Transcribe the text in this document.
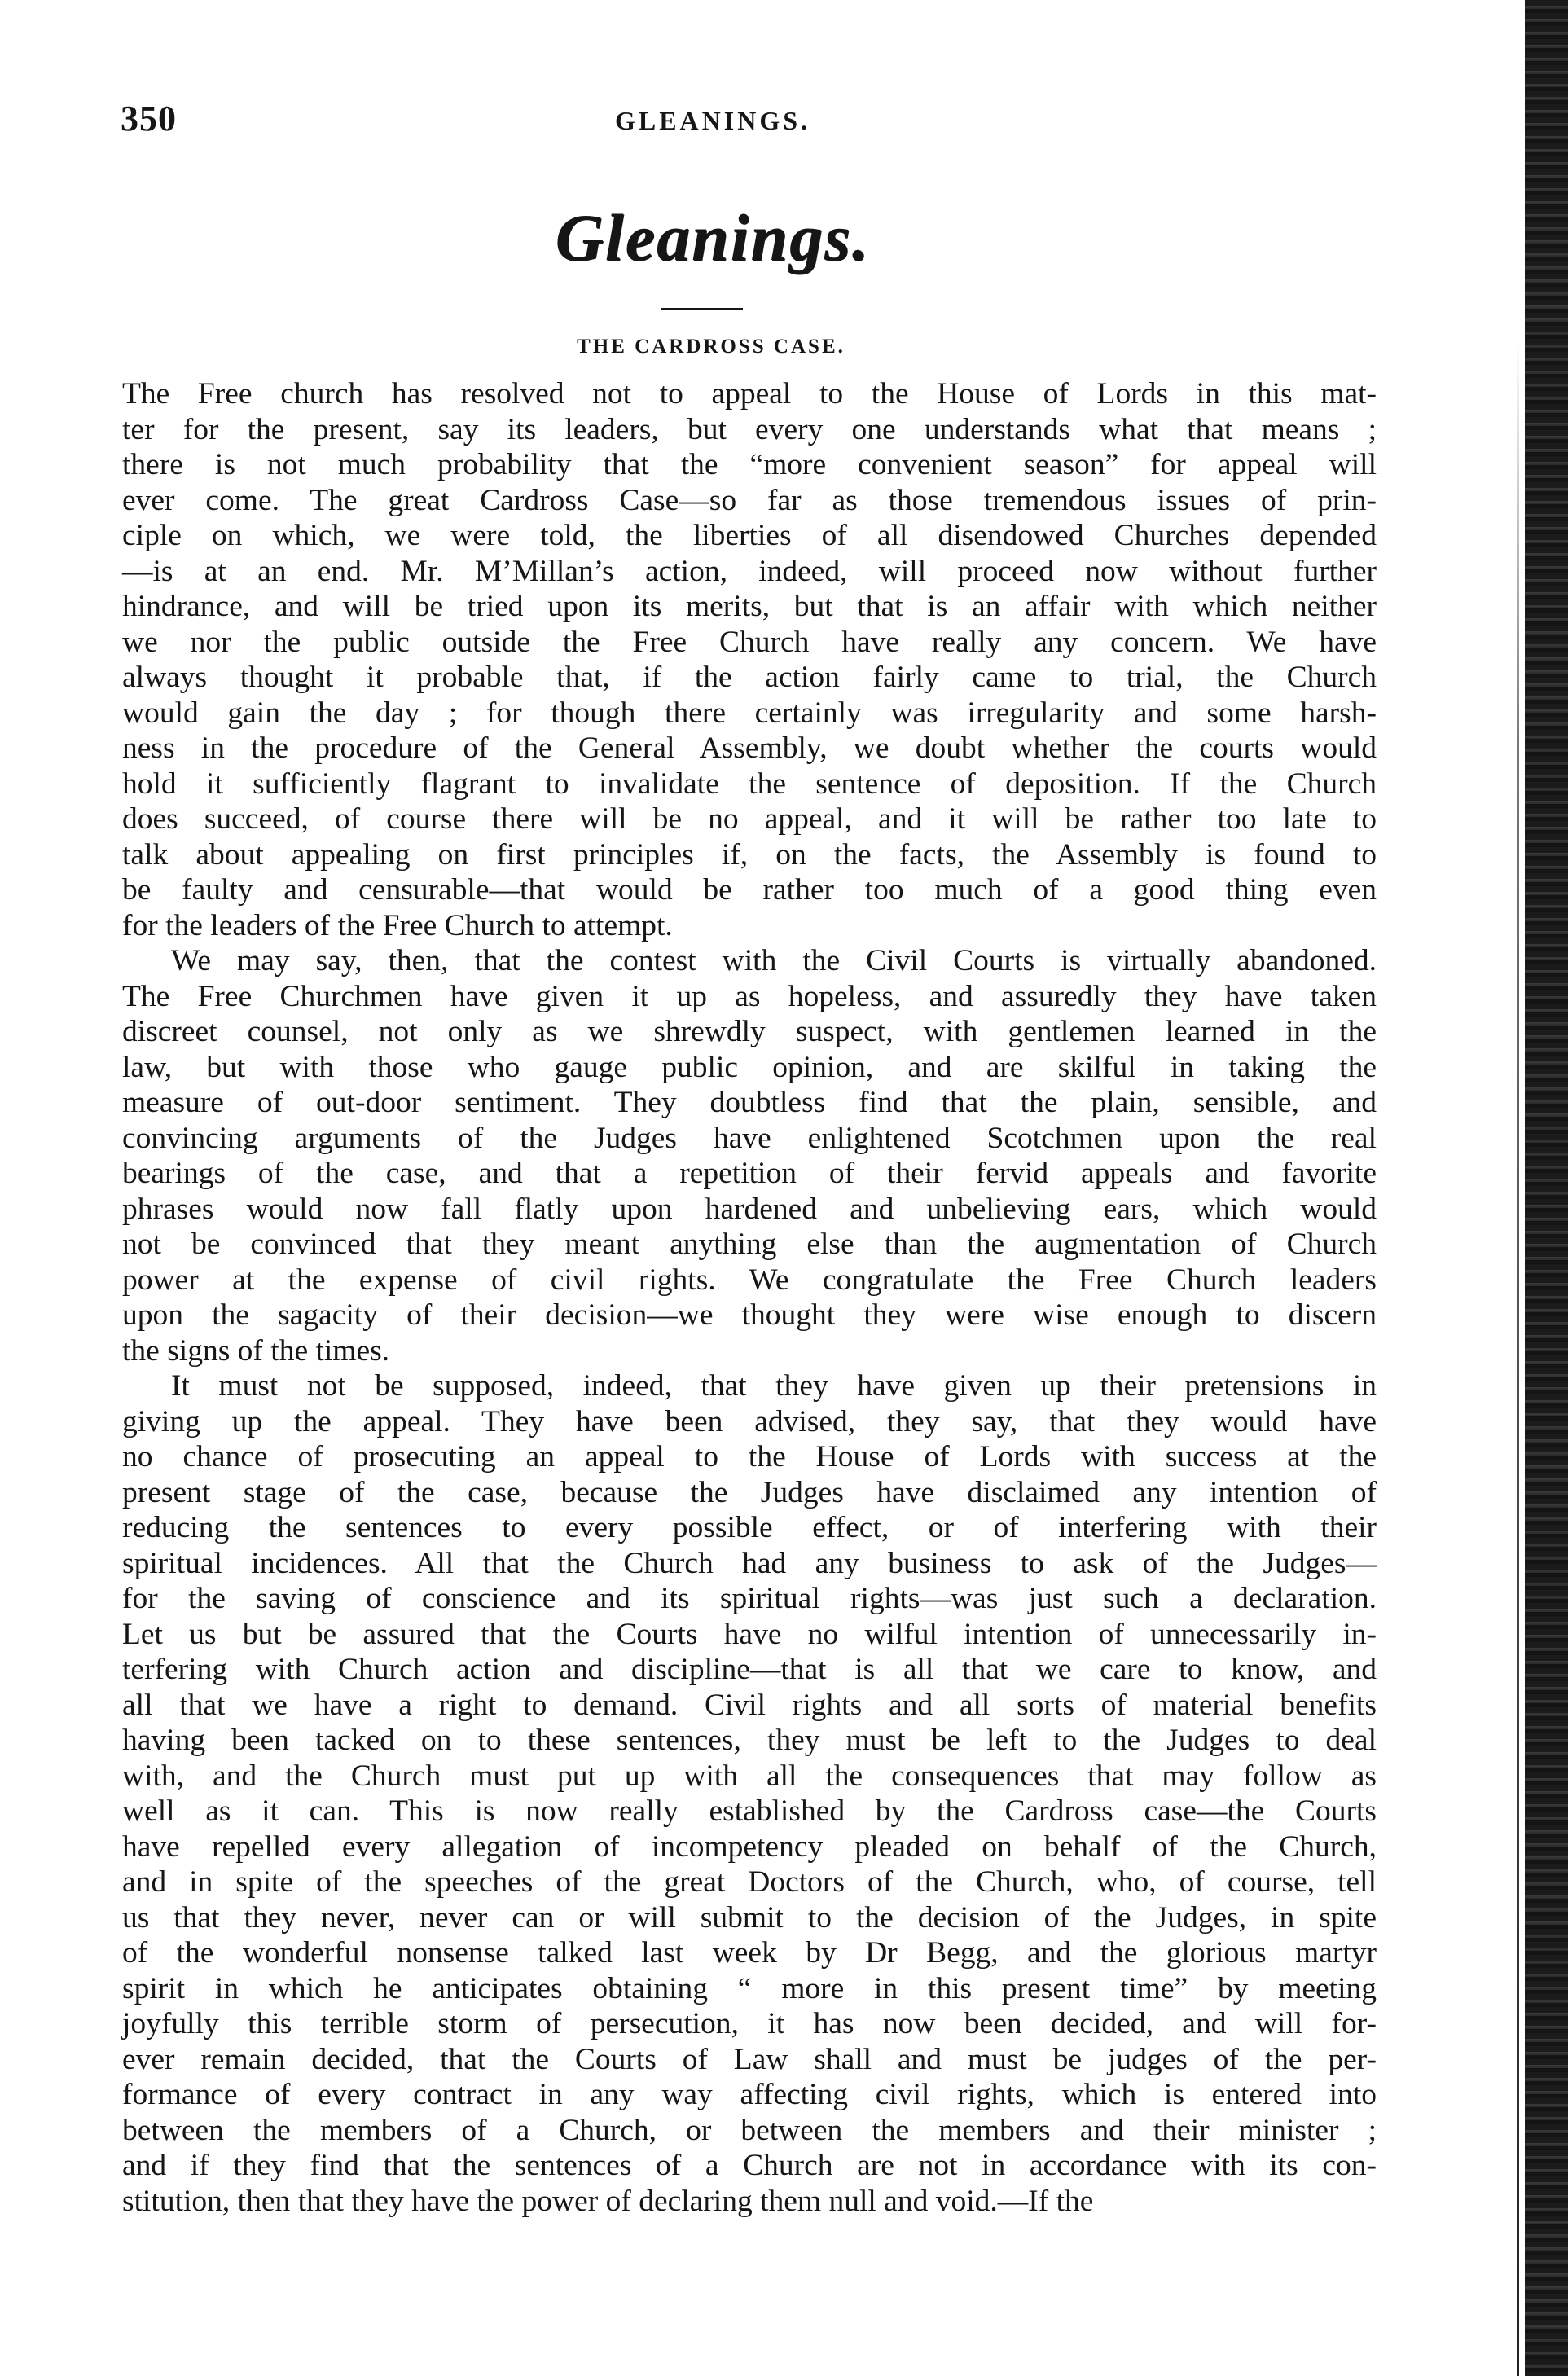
350	GLEANINGS.
Gleanings.
THE CARDROSS CASE.
The Free church has resolved not to appeal to the House of Lords in this mat-
ter for the present, say its leaders, but every one understands what that means ;
there is not much probability that the “more convenient season” for appeal will
ever come. The great Cardross Case—so far as those tremendous issues of prin-
ciple on which, we were told, the liberties of all disendowed Churches depended
—is at an end. Mr. M’Millan’s action, indeed, will proceed now without further
hindrance, and will be tried upon its merits, but that is an affair with which neither
we nor the public outside the Free Church have really any concern. We have
always thought it probable that, if the action fairly came to trial, the Church
would gain the day ; for though there certainly was irregularity and some harsh-
ness in the procedure of the General Assembly, we doubt whether the courts would
hold it sufficiently flagrant to invalidate the sentence of deposition. If the Church
does succeed, of course there will be no appeal, and it will be rather too late to
talk about appealing on first principles if, on the facts, the Assembly is found to
be faulty and censurable—that would be rather too much of a good thing even
for the leaders of the Free Church to attempt.
We may say, then, that the contest with the Civil Courts is virtually abandoned.
The Free Churchmen have given it up as hopeless, and assuredly they have taken
discreet counsel, not only as we shrewdly suspect, with gentlemen learned in the
law, but with those who gauge public opinion, and are skilful in taking the
measure of out-door sentiment. They doubtless find that the plain, sensible, and
convincing arguments of the Judges have enlightened Scotchmen upon the real
bearings of the case, and that a repetition of their fervid appeals and favorite
phrases would now fall flatly upon hardened and unbelieving ears, which would
not be convinced that they meant anything else than the augmentation of Church
power at the expense of civil rights. We congratulate the Free Church leaders
upon the sagacity of their decision—we thought they were wise enough to discern
the signs of the times.
It must not be supposed, indeed, that they have given up their pretensions in
giving up the appeal. They have been advised, they say, that they would have
no chance of prosecuting an appeal to the House of Lords with success at the
present stage of the case, because the Judges have disclaimed any intention of
reducing the sentences to every possible effect, or of interfering with their
spiritual incidences. All that the Church had any business to ask of the Judges—
for the saving of conscience and its spiritual rights—was just such a declaration.
Let us but be assured that the Courts have no wilful intention of unnecessarily in-
terfering with Church action and discipline—that is all that we care to know, and
all that we have a right to demand. Civil rights and all sorts of material benefits
having been tacked on to these sentences, they must be left to the Judges to deal
with, and the Church must put up with all the consequences that may follow as
well as it can. This is now really established by the Cardross case—the Courts
have repelled every allegation of incompetency pleaded on behalf of the Church,
and in spite of the speeches of the great Doctors of the Church, who, of course, tell
us that they never, never can or will submit to the decision of the Judges, in spite
of the wonderful nonsense talked last week by Dr Begg, and the glorious martyr
spirit in which he anticipates obtaining “ more in this present time” by meeting
joyfully this terrible storm of persecution, it has now been decided, and will for-
ever remain decided, that the Courts of Law shall and must be judges of the per-
formance of every contract in any way affecting civil rights, which is entered into
between the members of a Church, or between the members and their minister ;
and if they find that the sentences of a Church are not in accordance with its con-
stitution, then that they have the power of declaring them null and void.—If the
